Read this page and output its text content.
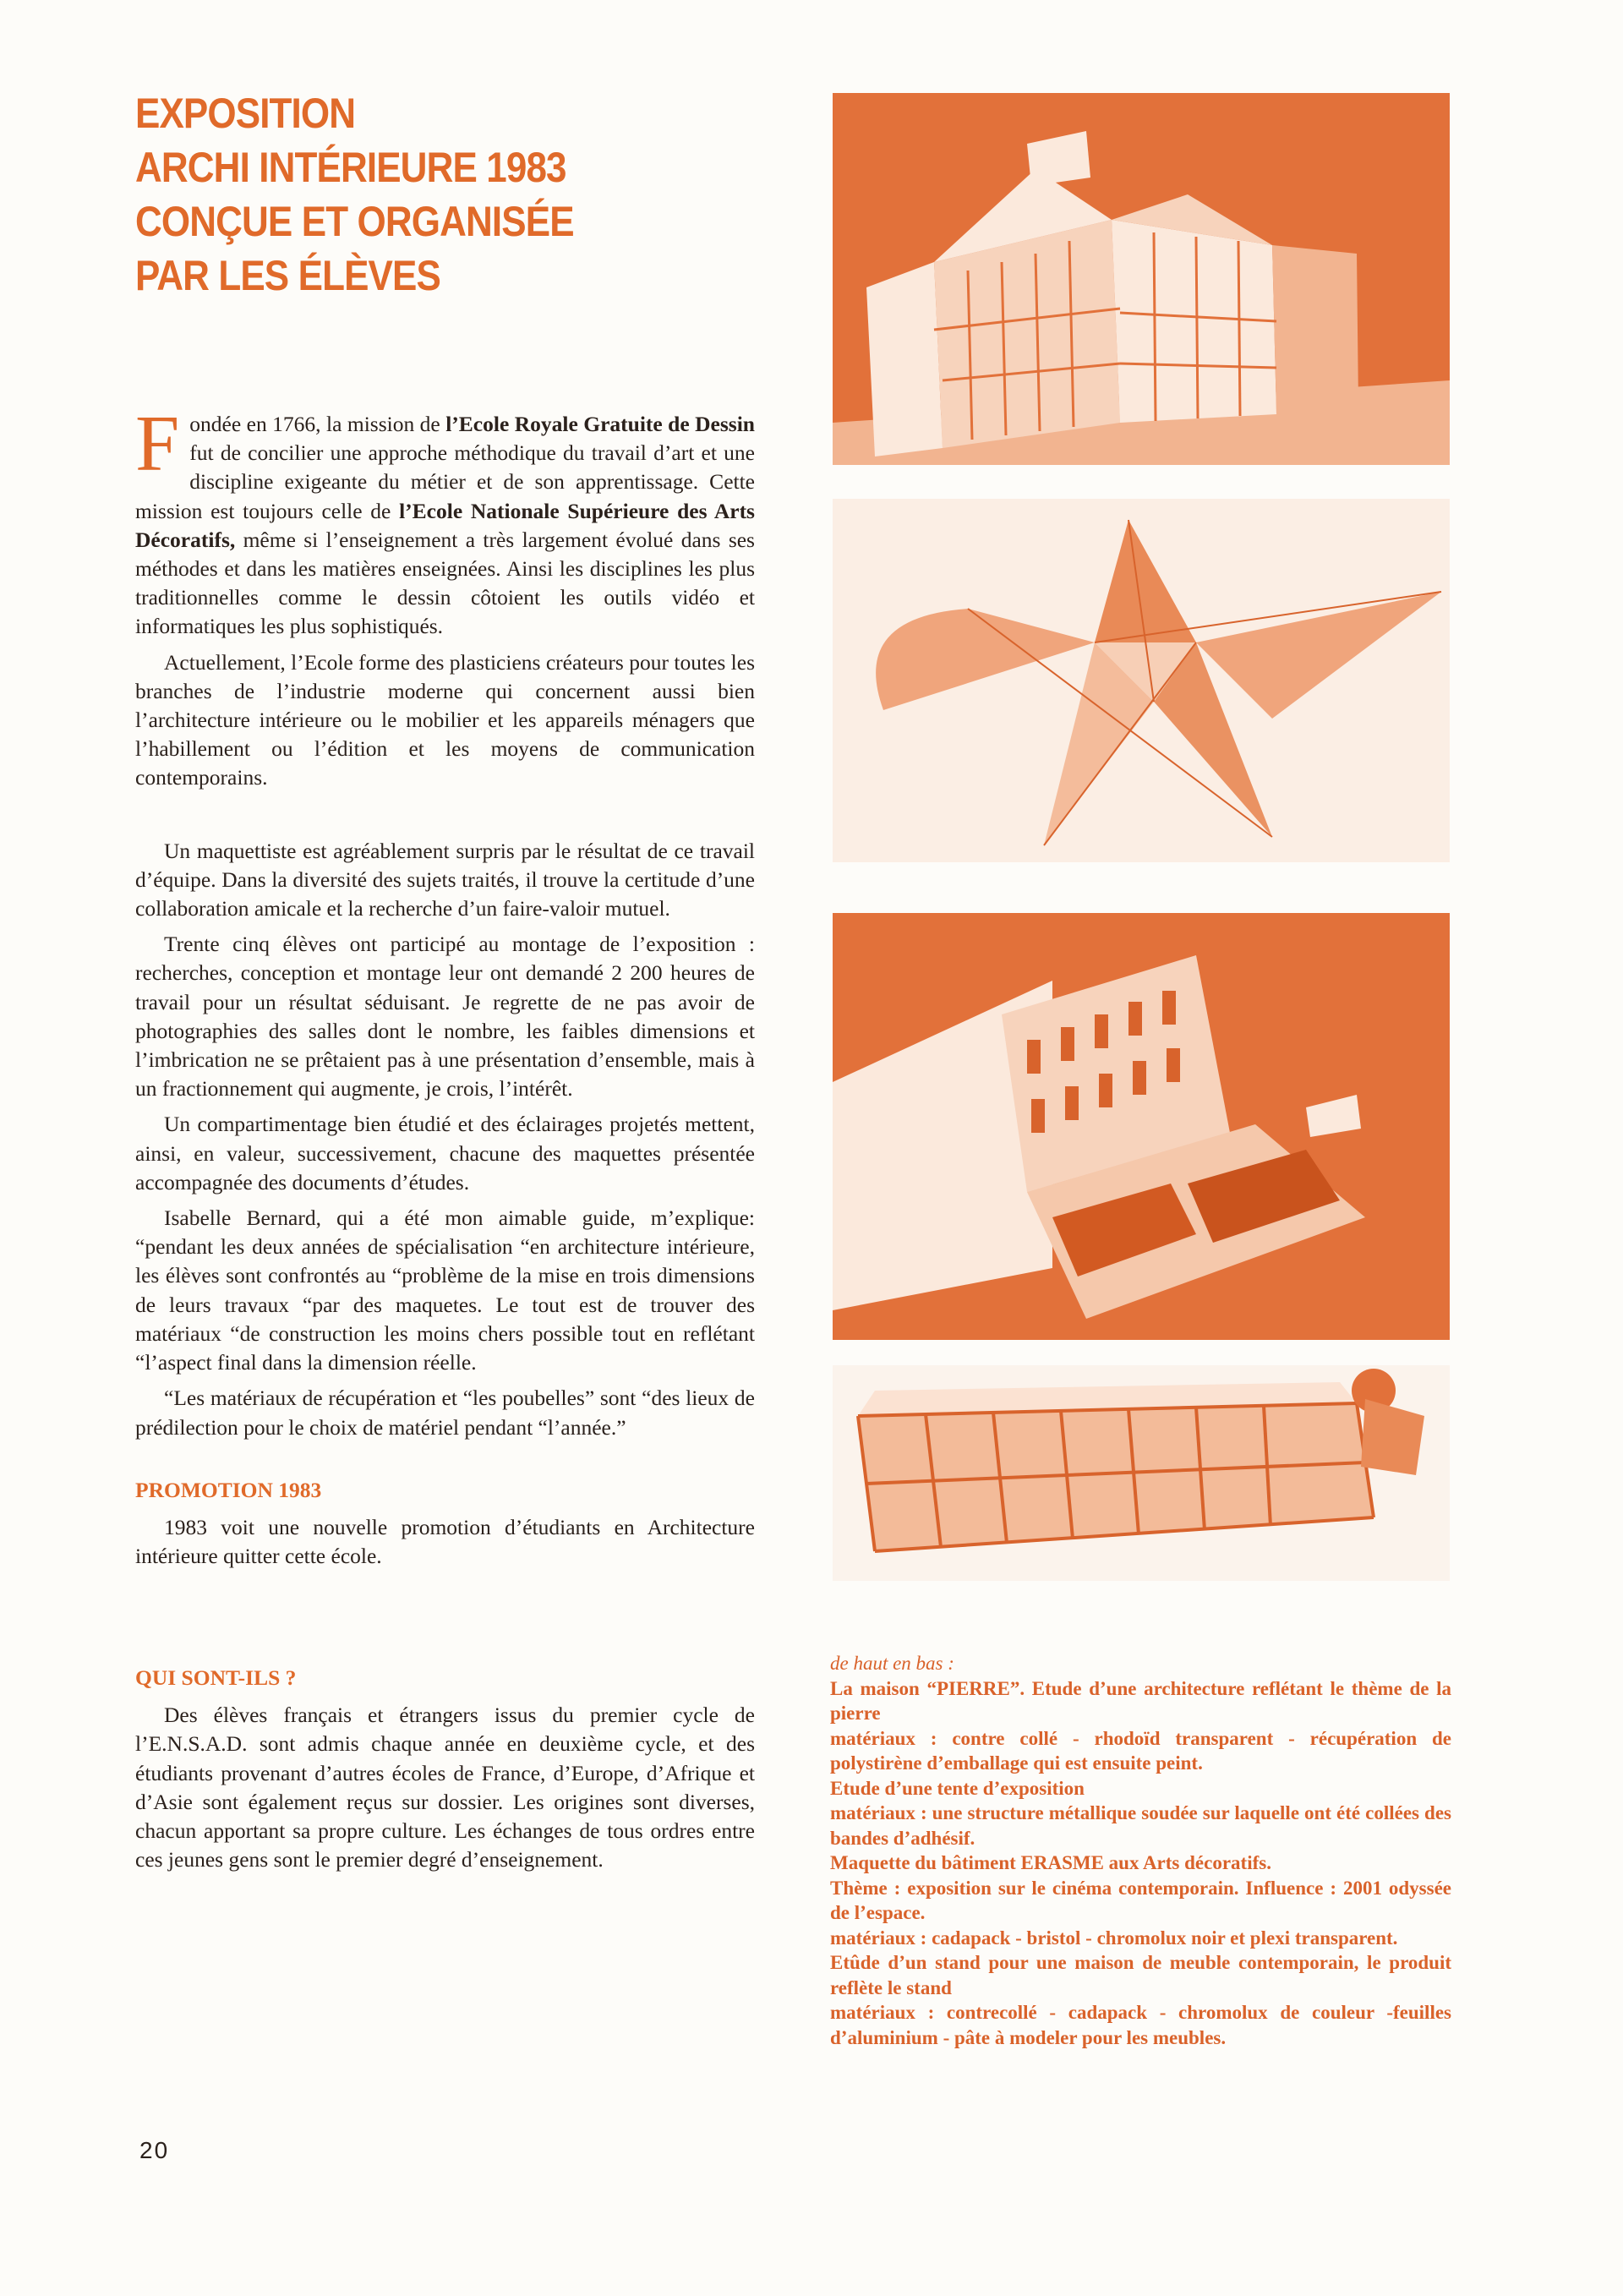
EXPOSITION
ARCHI INTÉRIEURE 1983
CONÇUE ET ORGANISÉE
PAR LES ÉLÈVES

Fondée en 1766, la mission de l’Ecole Royale Gratuite de Dessin fut de concilier une approche méthodique du travail d’art et une discipline exigeante du métier et de son apprentissage. Cette mission est toujours celle de l’Ecole Nationale Supérieure des Arts Décoratifs, même si l’enseignement a très largement évolué dans ses méthodes et dans les matières enseignées. Ainsi les disciplines les plus traditionnelles comme le dessin côtoient les outils vidéo et informatiques les plus sophistiqués.

Actuellement, l’Ecole forme des plasticiens créateurs pour toutes les branches de l’industrie moderne qui concernent aussi bien l’architecture intérieure ou le mobilier et les appareils ménagers que l’habillement ou l’édition et les moyens de communication contemporains.

Un maquettiste est agréablement surpris par le résultat de ce travail d’équipe. Dans la diversité des sujets traités, il trouve la certitude d’une collaboration amicale et la recherche d’un faire-valoir mutuel.

Trente cinq élèves ont participé au montage de l’exposition : recherches, conception et montage leur ont demandé 2 200 heures de travail pour un résultat séduisant. Je regrette de ne pas avoir de photographies des salles dont le nombre, les faibles dimensions et l’imbrication ne se prêtaient pas à une présentation d’ensemble, mais à un fractionnement qui augmente, je crois, l’intérêt.

Un compartimentage bien étudié et des éclairages projetés mettent, ainsi, en valeur, successivement, chacune des maquettes présentée accompagnée des documents d’études.

Isabelle Bernard, qui a été mon aimable guide, m’explique: “pendant les deux années de spécialisation “en architecture intérieure, les élèves sont confrontés au “problème de la mise en trois dimensions de leurs travaux “par des maquetes. Le tout est de trouver des matériaux “de construction les moins chers possible tout en reflétant “l’aspect final dans la dimension réelle.

“Les matériaux de récupération et “les poubelles” sont “des lieux de prédilection pour le choix de matériel pendant “l’année.”

PROMOTION 1983

1983 voit une nouvelle promotion d’étudiants en Architecture intérieure quitter cette école.

QUI SONT-ILS ?

Des élèves français et étrangers issus du premier cycle de l’E.N.S.A.D. sont admis chaque année en deuxième cycle, et des étudiants provenant d’autres écoles de France, d’Europe, d’Afrique et d’Asie sont également reçus sur dossier. Les origines sont diverses, chacun apportant sa propre culture. Les échanges de tous ordres entre ces jeunes gens sont le premier degré d’enseignement.

20

de haut en bas :

La maison “PIERRE”. Etude d’une architecture reflétant le thème de la pierre

matériaux : contre collé - rhodoïd transparent - récupération de polystirène d’emballage qui est ensuite peint.

Etude d’une tente d’exposition

matériaux : une structure métallique soudée sur laquelle ont été collées des bandes d’adhésif.

Maquette du bâtiment ERASME aux Arts décoratifs.

Thème : exposition sur le cinéma contemporain. Influence : 2001 odyssée de l’espace.

matériaux : cadapack - bristol - chromolux noir et plexi transparent.

Etûde d’un stand pour une maison de meuble contemporain, le produit reflète le stand

matériaux : contrecollé - cadapack - chromolux de couleur -feuilles d’aluminium - pâte à modeler pour les meubles.
